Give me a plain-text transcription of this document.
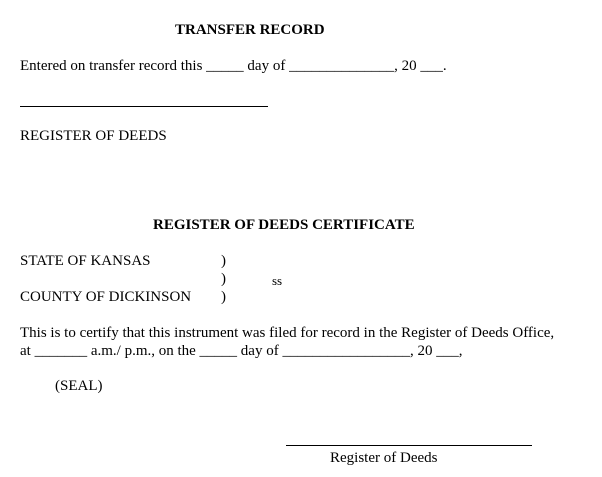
TRANSFER RECORD
Entered on transfer record this _____ day of ______________, 20 ___.
REGISTER OF DEEDS
REGISTER OF DEEDS CERTIFICATE
STATE OF KANSAS	)
)	ss
COUNTY OF DICKINSON )
This is to certify that this instrument was filed for record in the Register of Deeds Office,
at _______ a.m./ p.m., on the _____ day of _________________, 20 ___,
(SEAL)
Register of Deeds
